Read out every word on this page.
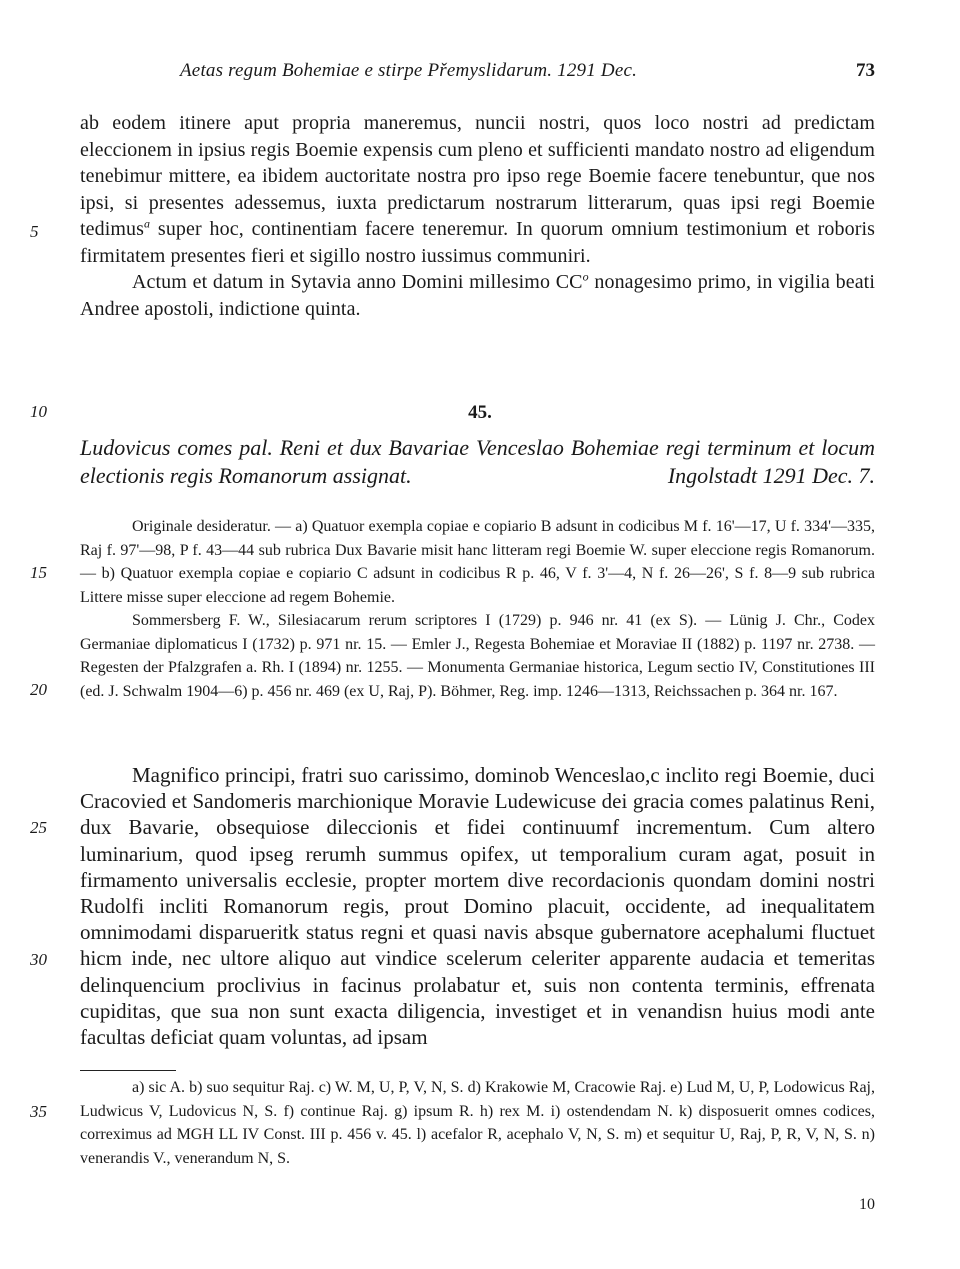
Aetas regum Bohemiae e stirpe Přemyslidarum. 1291 Dec.	73

ab eodem itinere aput propria maneremus, nuncii nostri, quos loco nostri ad predictam eleccionem in ipsius regis Boemie expensis cum pleno et sufficienti mandato nostro ad eligendum tenebimur mittere, ea ibidem auctoritate nostra pro ipso rege Boemie facere tenebuntur, que nos ipsi, si presentes adessemus, iuxta predictarum nostrarum litterarum, quas ipsi regi Boemie tedimus$^a$ super hoc, continentiam facere teneremur. In quorum omnium testimonium et roboris firmitatem presentes fieri et sigillo nostro iussimus communiri.

Actum et datum in Sytavia anno Domini millesimo $CC^o$ nonagesimo primo, in vigilia beati Andree apostoli, indictione quinta.

5
10
15
20
25
30
35
45.
Ludovicus comes pal. Reni et dux Bavariae Venceslao Bohemiae regi terminum et locum electionis regis Romanorum assignat.	Ingolstadt 1291 Dec. 7.

Originale desideratur. — a) Quatuor exempla copiae e copiario B adsunt in codicibus M f. 16'—17, U f. 334'—335, Raj f. 97'—98, P f. 43—44 sub rubrica Dux Bavarie misit hanc litteram regi Boemie W. super eleccione regis Romanorum. — b) Quatuor exempla copiae e copiario C adsunt in codicibus R p. 46, V f. 3'—4, N f. 26—26', S f. 8—9 sub rubrica Littere misse super eleccione ad regem Bohemie.

Sommersberg F. W., Silesiacarum rerum scriptores I (1729) p. 946 nr. 41 (ex S). — Lünig J. Chr., Codex Germaniae diplomaticus I (1732) p. 971 nr. 15. — Emler J., Regesta Bohemiae et Moraviae II (1882) p. 1197 nr. 2738. — Regesten der Pfalzgrafen a. Rh. I (1894) nr. 1255. — Monumenta Germaniae historica, Legum sectio IV, Constitutiones III (ed. J. Schwalm 1904—6) p. 456 nr. 469 (ex U, Raj, P). Böhmer, Reg. imp. 1246—1313, Reichssachen p. 364 nr. 167.

Magnifico principi, fratri suo carissimo, dominob Wenceslao,c inclito regi Boemie, duci Cracovied et Sandomeris marchionique Moravie Ludewicuse dei gracia comes palatinus Reni, dux Bavarie, obsequiose dileccionis et fidei continuumf incrementum. Cum altero luminarium, quod ipseg rerumh summus opifex, ut temporalium curam agat, posuit in firmamento universalis ecclesie, propter mortem dive recordacionis quondam domini nostri Rudolfi incliti Romanorum regis, prout Domino placuit, occidente, ad inequalitatem omnimodami disparueritk status regni et quasi navis absque gubernatore acephalumi fluctuet hicm inde, nec ultore aliquo aut vindice scelerum celeriter apparente audacia et temeritas delinquencium proclivius in facinus prolabatur et, suis non contenta terminis, effrenata cupiditas, que sua non sunt exacta diligencia, investiget et in venandisn huius modi ante facultas deficiat quam voluntas, ad ipsam

a) sic A. b) suo sequitur Raj. c) W. M, U, P, V, N, S. d) Krakowie M, Cracowie Raj. e) Lud M, U, P, Lodowicus Raj, Ludwicus V, Ludovicus N, S. f) continue Raj. g) ipsum R. h) rex M. i) ostendendam N. k) disposuerit omnes codices, correximus ad MGH LL IV Const. III p. 456 v. 45. l) acefalor R, acephalo V, N, S. m) et sequitur U, Raj, P, R, V, N, S. n) venerandis V., venerandum N, S.

10
